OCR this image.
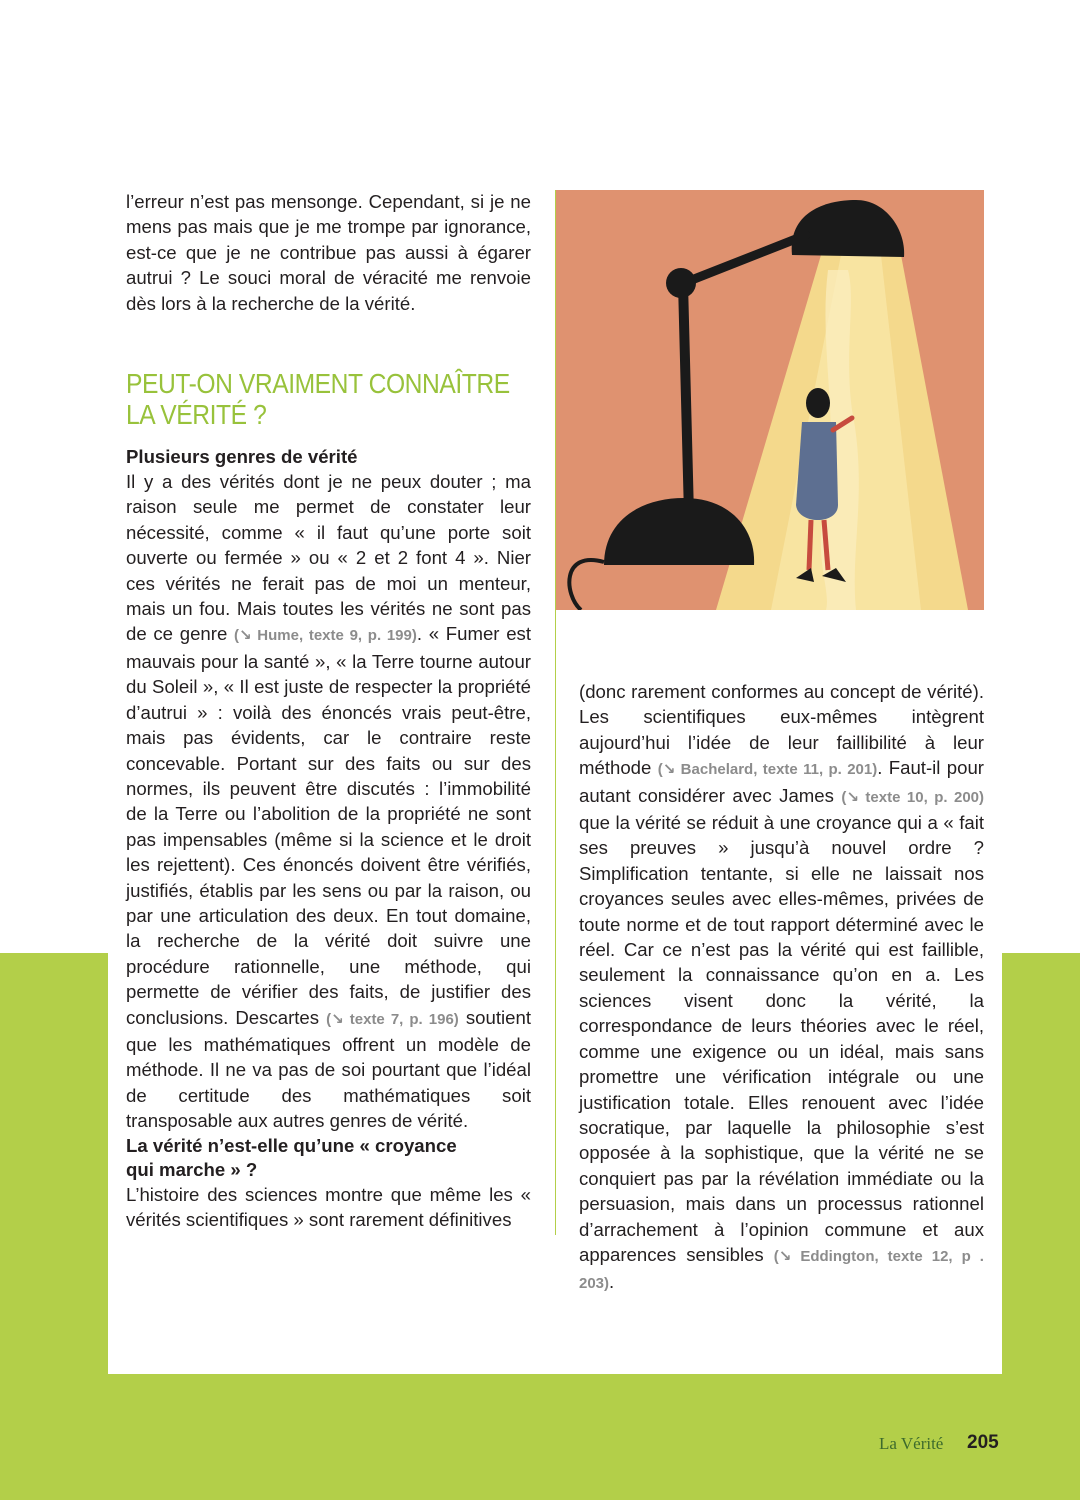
l’erreur n’est pas mensonge. Cependant, si je ne mens pas mais que je me trompe par ignorance, est-ce que je ne contribue pas aussi à égarer autrui ? Le souci moral de véracité me renvoie dès lors à la recherche de la vérité.

PEUT-ON VRAIMENT CONNAÎTRE
LA VÉRITÉ ?

Plusieurs genres de vérité

Il y a des vérités dont je ne peux douter ; ma raison seule me permet de constater leur nécessité, comme « il faut qu’une porte soit ouverte ou fermée » ou « 2 et 2 font 4 ». Nier ces vérités ne ferait pas de moi un menteur, mais un fou. Mais toutes les vérités ne sont pas de ce genre (↘ Hume, texte 9, p. 199). « Fumer est mauvais pour la santé », « la Terre tourne autour du Soleil », « Il est juste de respecter la propriété d’autrui » : voilà des énoncés vrais peut-être, mais pas évidents, car le contraire reste concevable. Portant sur des faits ou sur des normes, ils peuvent être discutés : l’immobilité de la Terre ou l’abolition de la propriété ne sont pas impensables (même si la science et le droit les rejettent). Ces énoncés doivent être vérifiés, justifiés, établis par les sens ou par la raison, ou par une articulation des deux. En tout domaine, la recherche de la vérité doit suivre une procédure rationnelle, une méthode, qui permette de vérifier des faits, de justifier des conclusions. Descartes (↘ texte 7, p. 196) soutient que les mathématiques offrent un modèle de méthode. Il ne va pas de soi pourtant que l’idéal de certitude des mathématiques soit transposable aux autres genres de vérité.

La vérité n’est-elle qu’une « croyance
qui marche » ?

L’histoire des sciences montre que même les « vérités scientifiques » sont rarement définitives

(donc rarement conformes au concept de vérité). Les scientifiques eux-mêmes intègrent aujourd’hui l’idée de leur faillibilité à leur méthode (↘ Bachelard, texte 11, p. 201). Faut-il pour autant considérer avec James (↘ texte 10, p. 200) que la vérité se réduit à une croyance qui a « fait ses preuves » jusqu’à nouvel ordre ? Simplification tentante, si elle ne laissait nos croyances seules avec elles-mêmes, privées de toute norme et de tout rapport déterminé avec le réel. Car ce n’est pas la vérité qui est faillible, seulement la connaissance qu’on en a. Les sciences visent donc la vérité, la correspondance de leurs théories avec le réel, comme une exigence ou un idéal, mais sans promettre une vérification intégrale ou une justification totale. Elles renouent avec l’idée socratique, par laquelle la philosophie s’est opposée à la sophistique, que la vérité ne se conquiert pas par la révélation immédiate ou la persuasion, mais dans un processus rationnel d’arrachement à l’opinion commune et aux apparences sensibles (↘ Eddington, texte 12, p . 203).

La Vérité 205
